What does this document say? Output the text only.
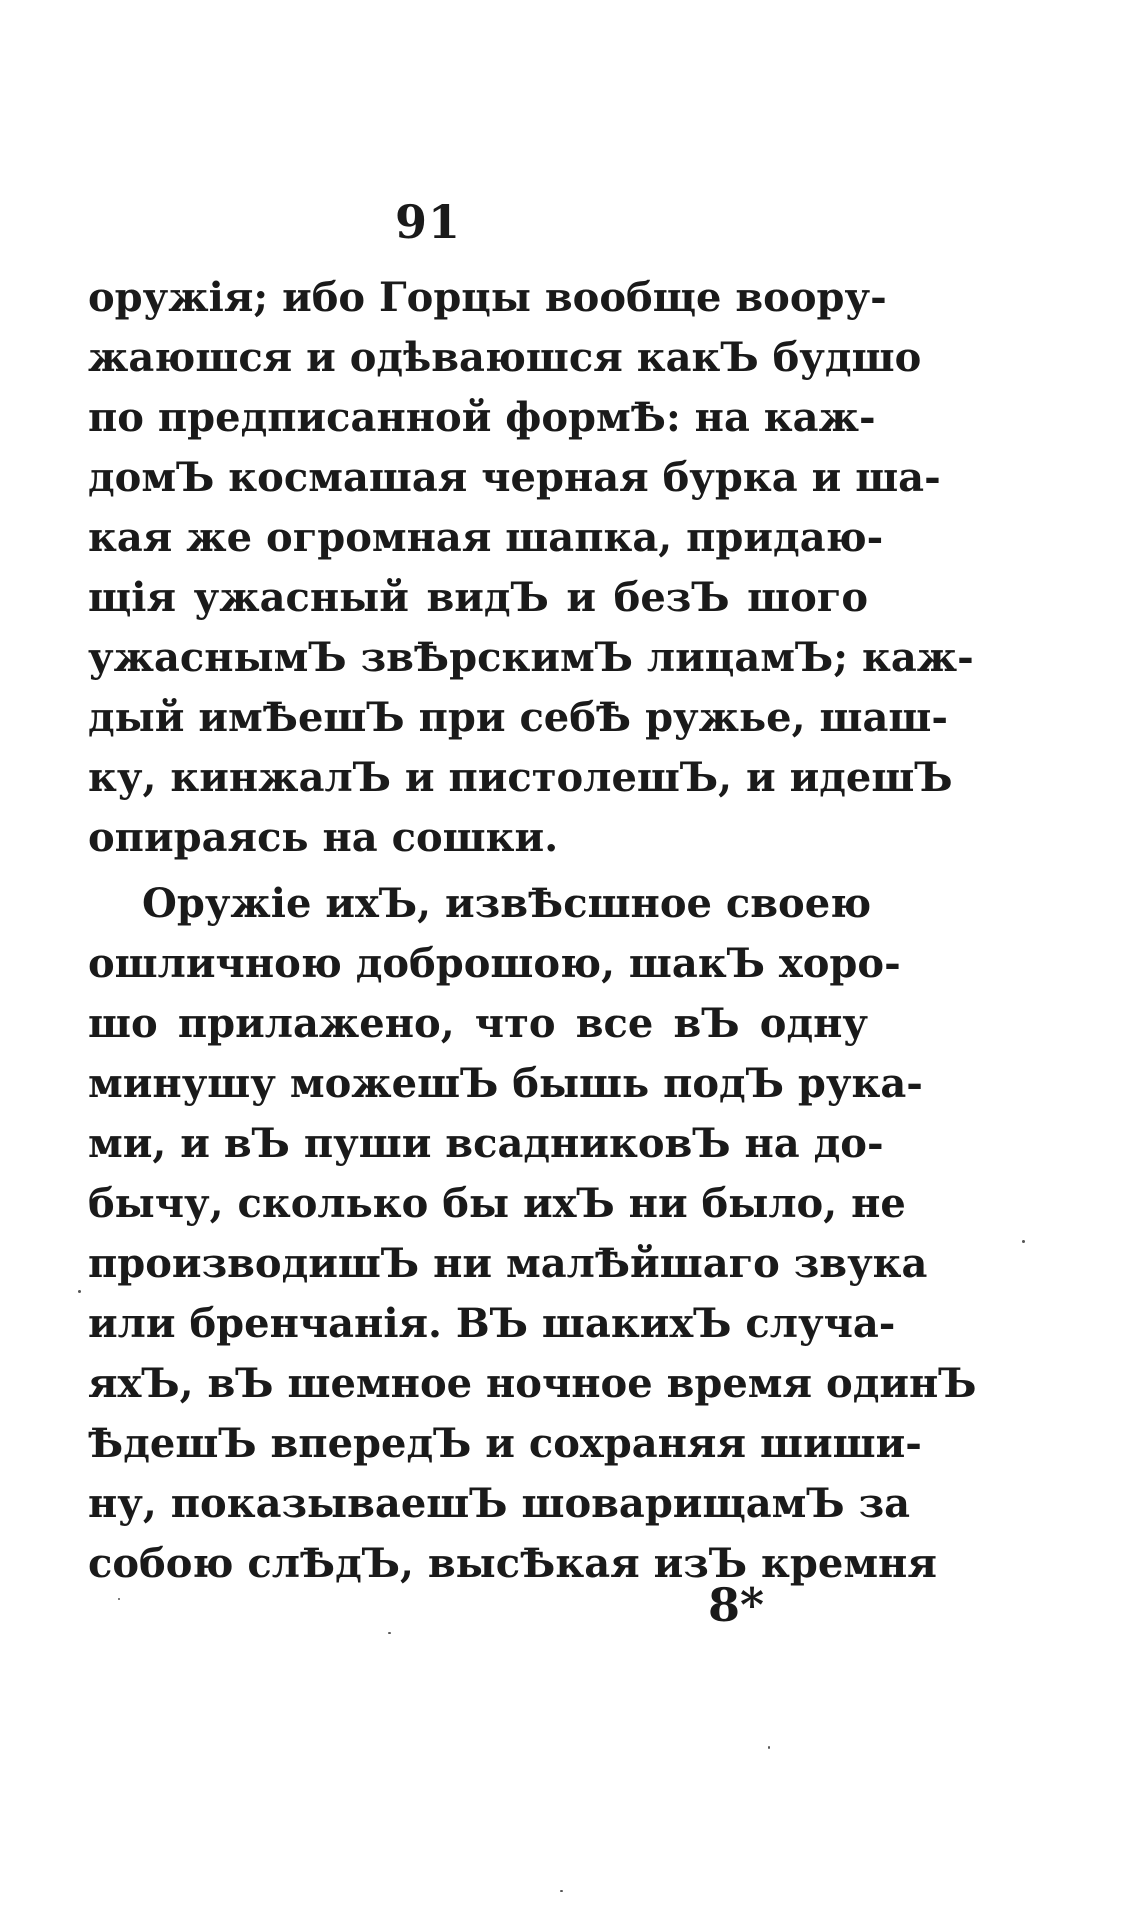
91
оружiя; ибо Горцы вообще воору-
жаюшся и одѣваюшся какЪ будшо
по предписанной формѢ: на каж-
домЪ космашая черная бурка и ша-
кая же огромная шапка, придаю-
щiя ужасный видЪ и безЪ шого
ужаснымЪ звѢрскимЪ лицамЪ; каж-
дый имѢешЪ при себѢ ружье, шаш-
ку, кинжалЪ и пистолешЪ, и идешЪ
опираясь на сошки.
Оружiе ихЪ, извѢсшное своею
ошличною доброшою, шакЪ хоро-
шо прилажено, что все вЪ одну
минушу можешЪ бышь подЪ рука-
ми, и вЪ пуши всадниковЪ на до-
бычу, сколько бы ихЪ ни было, не
производишЪ ни малѢйшаго звука
или бренчанiя. ВЪ шакихЪ случа-
яхЪ, вЪ шемное ночное время одинЪ
ѢдешЪ впередЪ и сохраняя шиши-
ну, показываешЪ шоварищамЪ за
собою слѢдЪ, высѢкая изЪ кремня
8*
